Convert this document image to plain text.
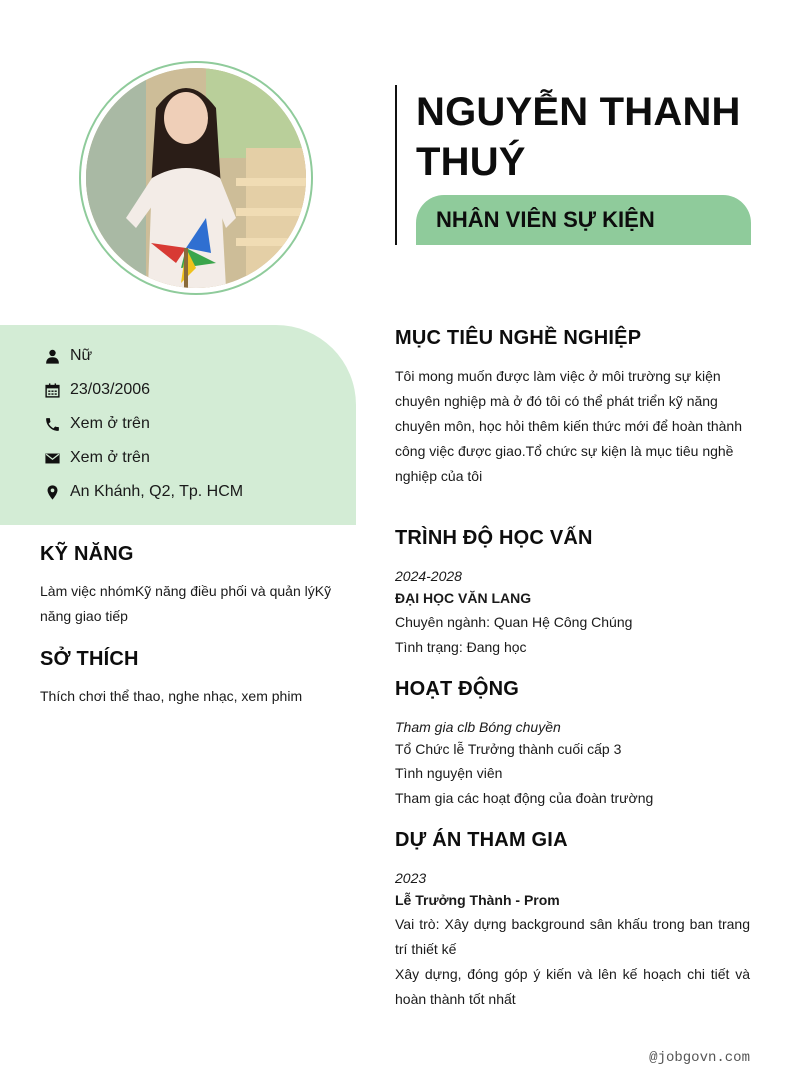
NGUYỄN THANH THUÝ
NHÂN VIÊN SỰ KIỆN
Nữ
23/03/2006
Xem ở trên
Xem ở trên
An Khánh, Q2, Tp. HCM
KỸ NĂNG
Làm việc nhómKỹ năng điều phối và quản lýKỹ năng giao tiếp
SỞ THÍCH
Thích chơi thể thao, nghe nhạc, xem phim
MỤC TIÊU NGHỀ NGHIỆP
Tôi mong muốn được làm việc ở môi trường sự kiện chuyên nghiệp mà ở đó tôi có thể phát triển kỹ năng chuyên môn, học hỏi thêm kiến thức mới để hoàn thành công việc được giao.Tổ chức sự kiện là mục tiêu nghề nghiệp của tôi
TRÌNH ĐỘ HỌC VẤN
2024-2028
ĐẠI HỌC VĂN LANG
Chuyên ngành: Quan Hệ Công Chúng
Tình trạng: Đang học
HOẠT ĐỘNG
Tham gia clb Bóng chuyền
Tổ Chức lễ Trưởng thành cuối cấp 3
Tình nguyện viên
Tham gia các hoạt động của đoàn trường
DỰ ÁN THAM GIA
2023
Lễ Trưởng Thành - Prom
Vai trò: Xây dựng background sân khấu trong ban trang trí thiết kế
Xây dựng, đóng góp ý kiến và lên kế hoạch chi tiết và hoàn thành tốt nhất
@jobgovn.com
